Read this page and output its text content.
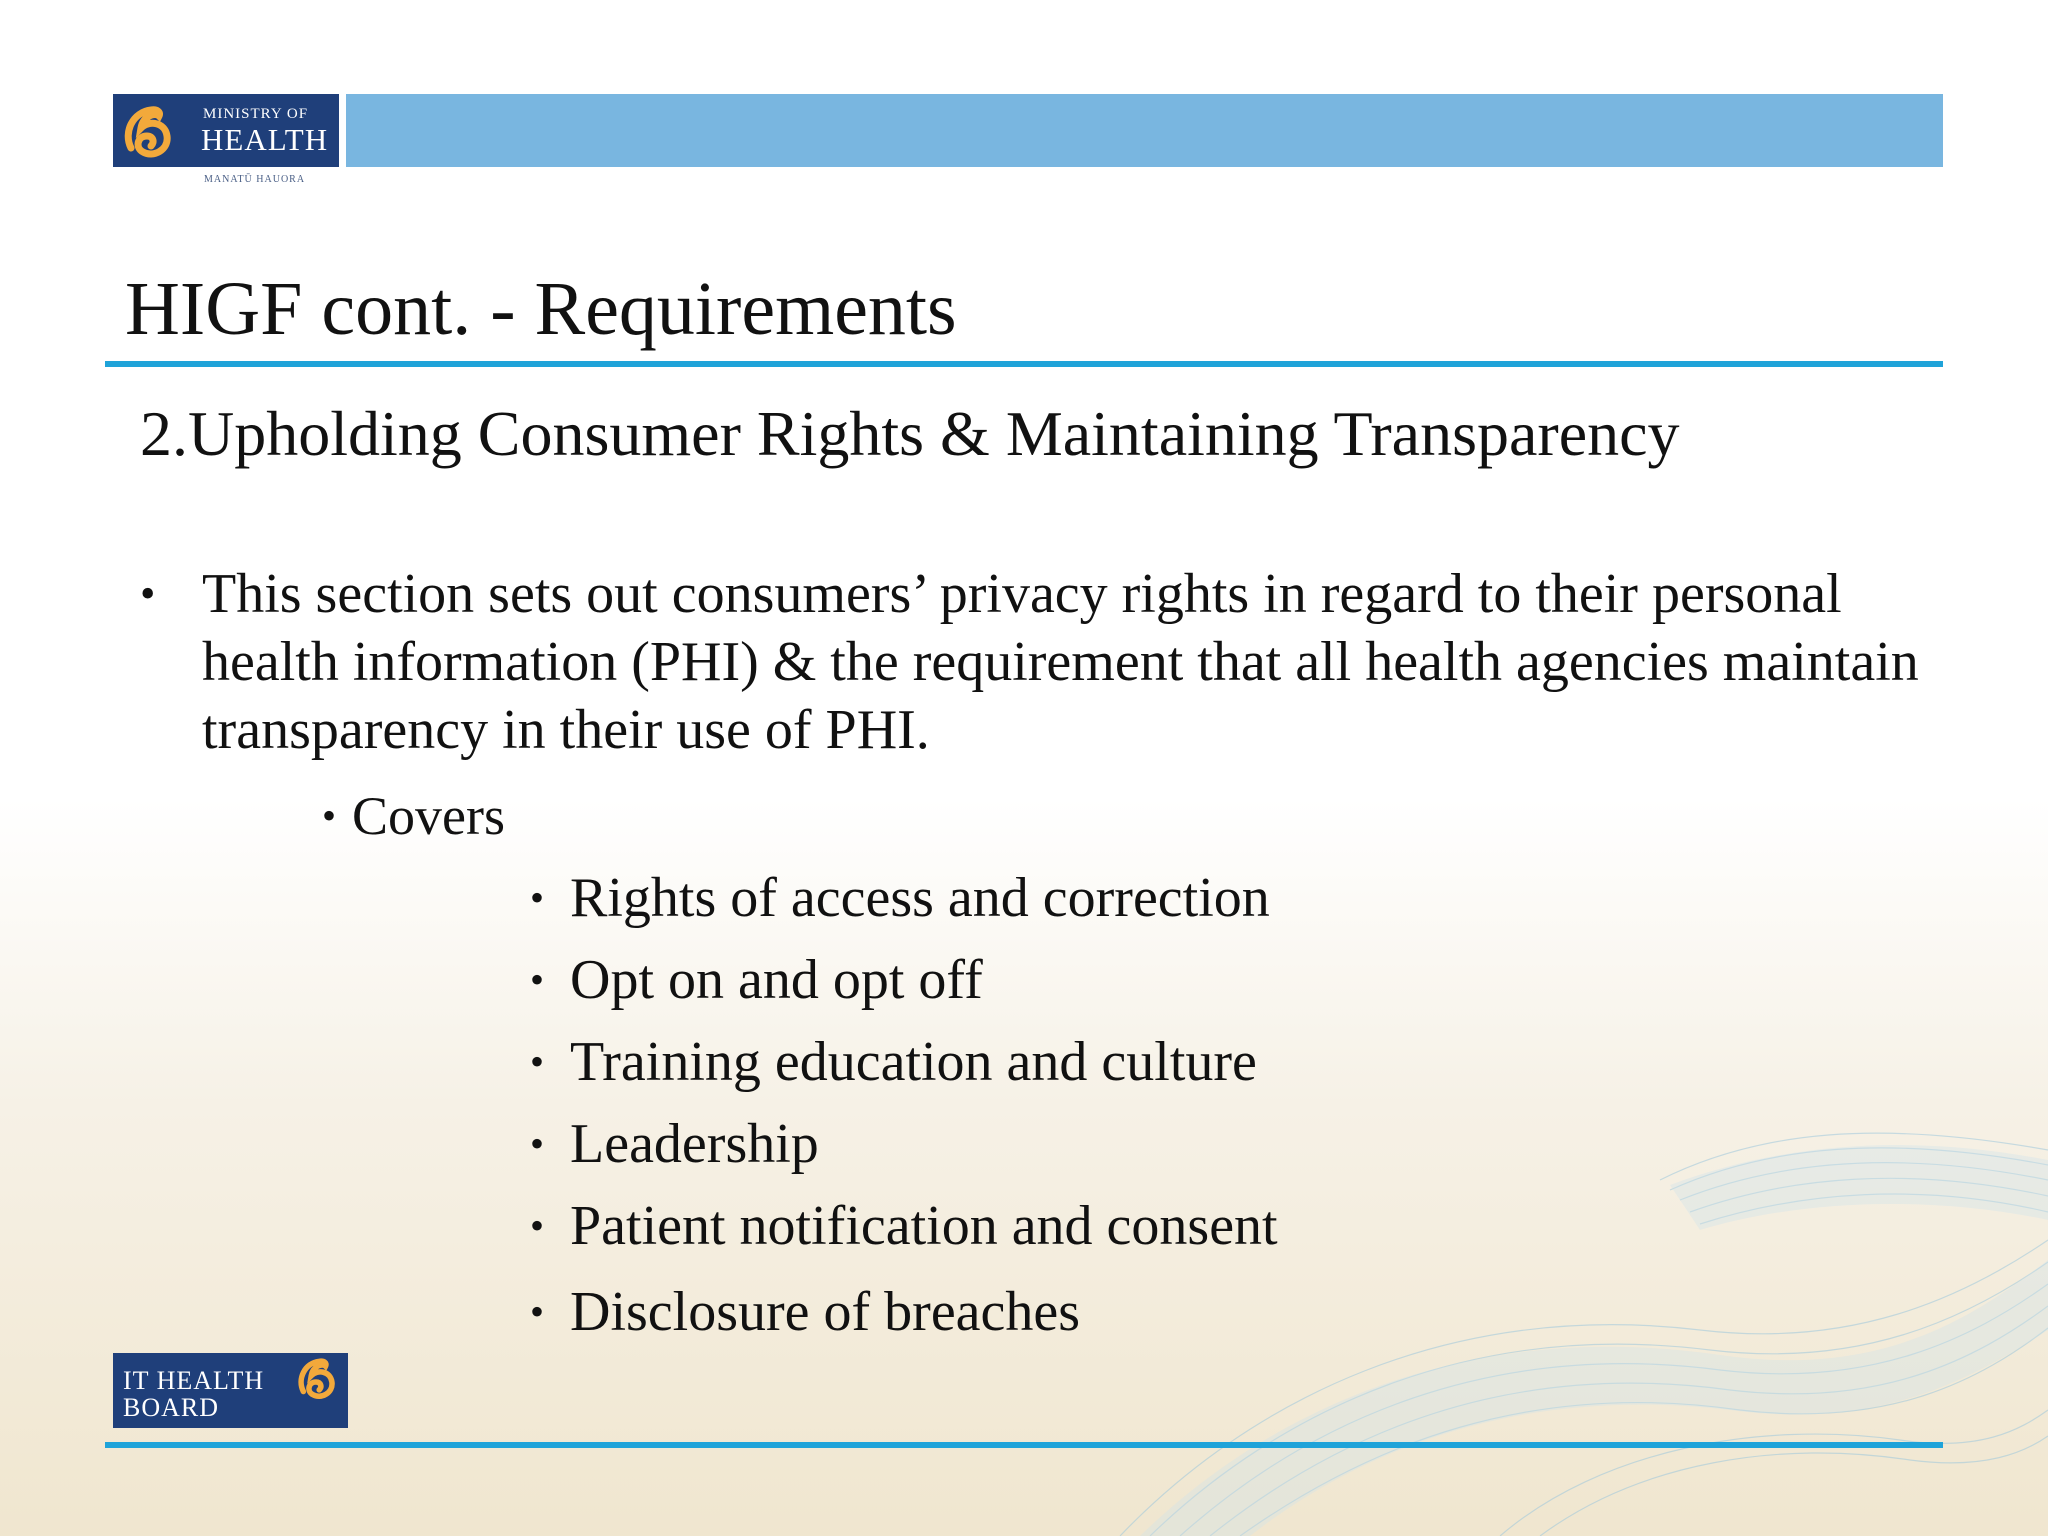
MINISTRY OF
HEALTH
MANATŪ HAUORA
HIGF cont. - Requirements
2.Upholding Consumer Rights & Maintaining Transparency
• This section sets out consumers’ privacy rights in regard to their personal health information (PHI) & the requirement that all health agencies maintain transparency in their use of PHI.
• Covers
• Rights of access and correction
• Opt on and opt off
• Training education and culture
• Leadership
• Patient notification and consent
• Disclosure of breaches
IT HEALTH
BOARD
